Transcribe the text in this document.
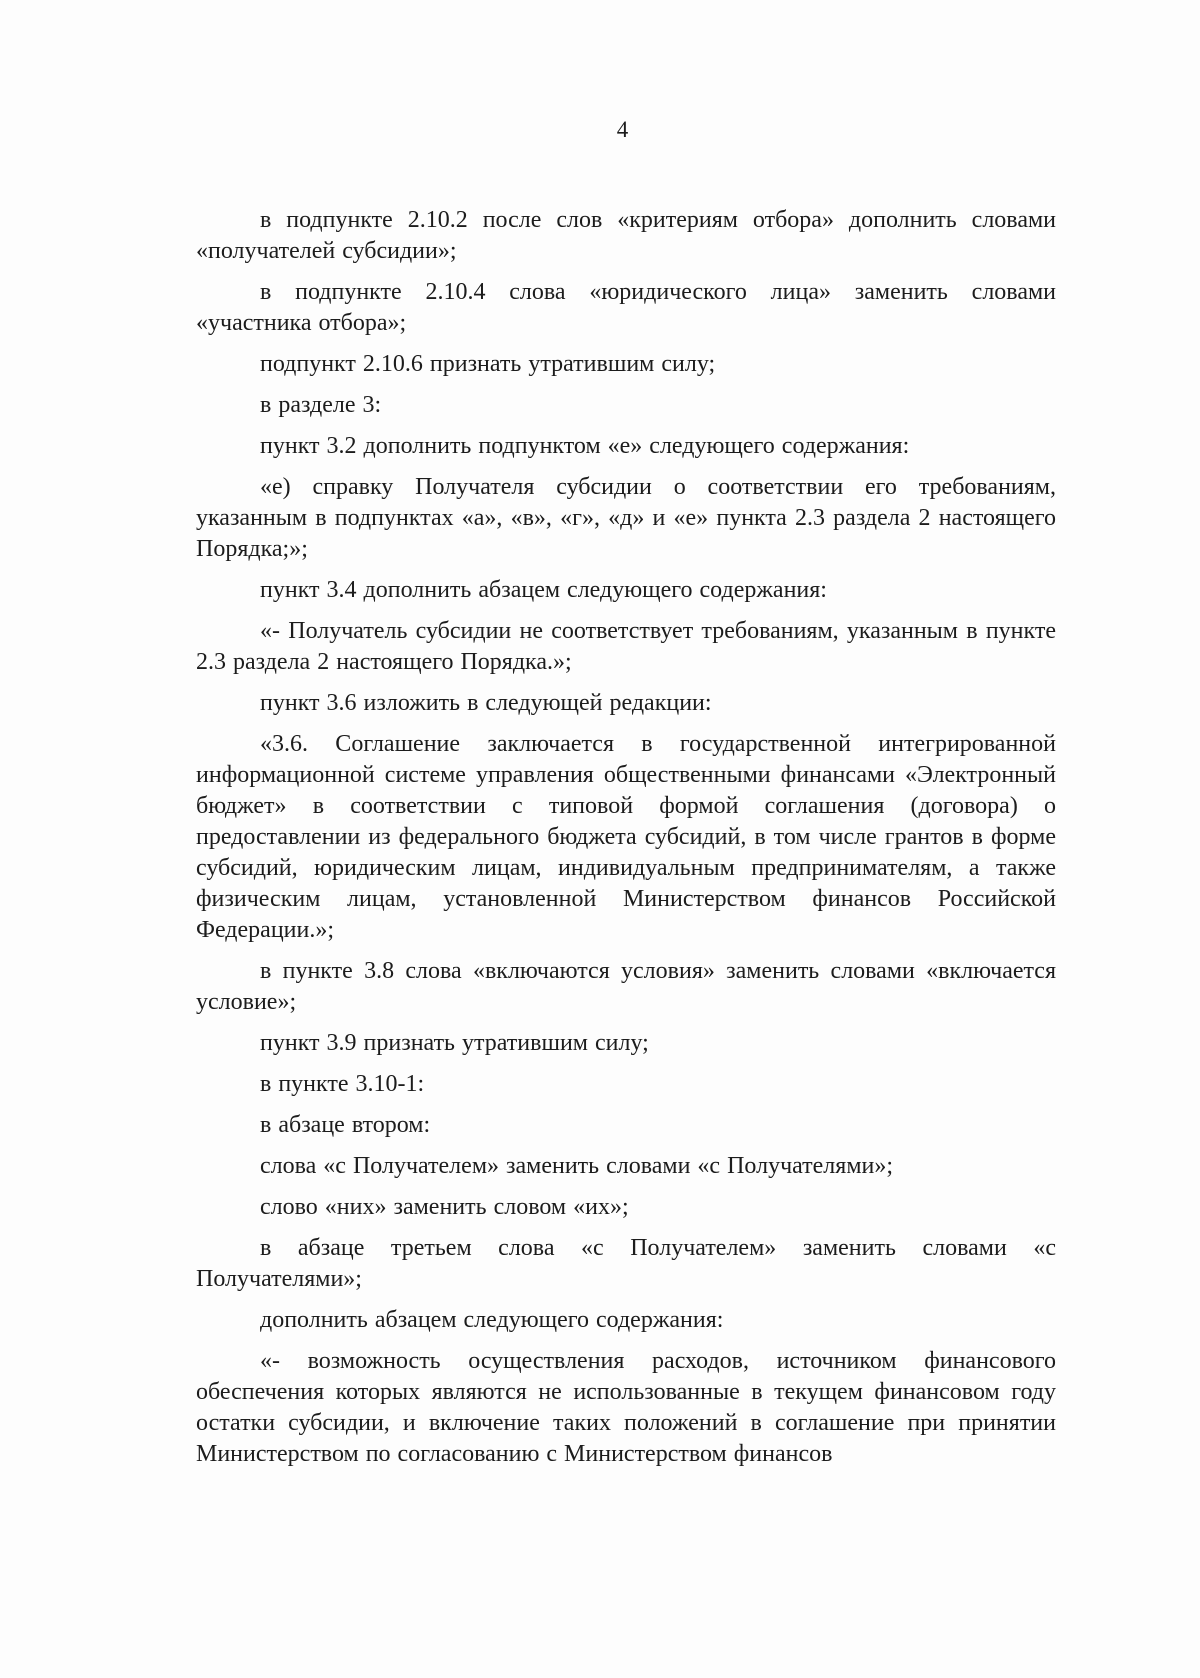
4

в подпункте 2.10.2 после слов «критериям отбора» дополнить словами «получателей субсидии»;

в подпункте 2.10.4 слова «юридического лица» заменить словами «участника отбора»;

подпункт 2.10.6 признать утратившим силу;

в разделе 3:

пункт 3.2 дополнить подпунктом «е» следующего содержания:

«е) справку Получателя субсидии о соответствии его требованиям, указанным в подпунктах «а», «в», «г», «д» и «е» пункта 2.3 раздела 2 настоящего Порядка;»;

пункт 3.4 дополнить абзацем следующего содержания:

«- Получатель субсидии не соответствует требованиям, указанным в пункте 2.3 раздела 2 настоящего Порядка.»;

пункт 3.6 изложить в следующей редакции:

«3.6. Соглашение заключается в государственной интегрированной информационной системе управления общественными финансами «Электронный бюджет» в соответствии с типовой формой соглашения (договора) о предоставлении из федерального бюджета субсидий, в том числе грантов в форме субсидий, юридическим лицам, индивидуальным предпринимателям, а также физическим лицам, установленной Министерством финансов Российской Федерации.»;

в пункте 3.8 слова «включаются условия» заменить словами «включается условие»;

пункт 3.9 признать утратившим силу;

в пункте 3.10-1:

в абзаце втором:

слова «с Получателем» заменить словами «с Получателями»;

слово «них» заменить словом «их»;

в абзаце третьем слова «с Получателем» заменить словами «с Получателями»;

дополнить абзацем следующего содержания:

«- возможность осуществления расходов, источником финансового обеспечения которых являются не использованные в текущем финансовом году остатки субсидии, и включение таких положений в соглашение при принятии Министерством по согласованию с Министерством финансов
